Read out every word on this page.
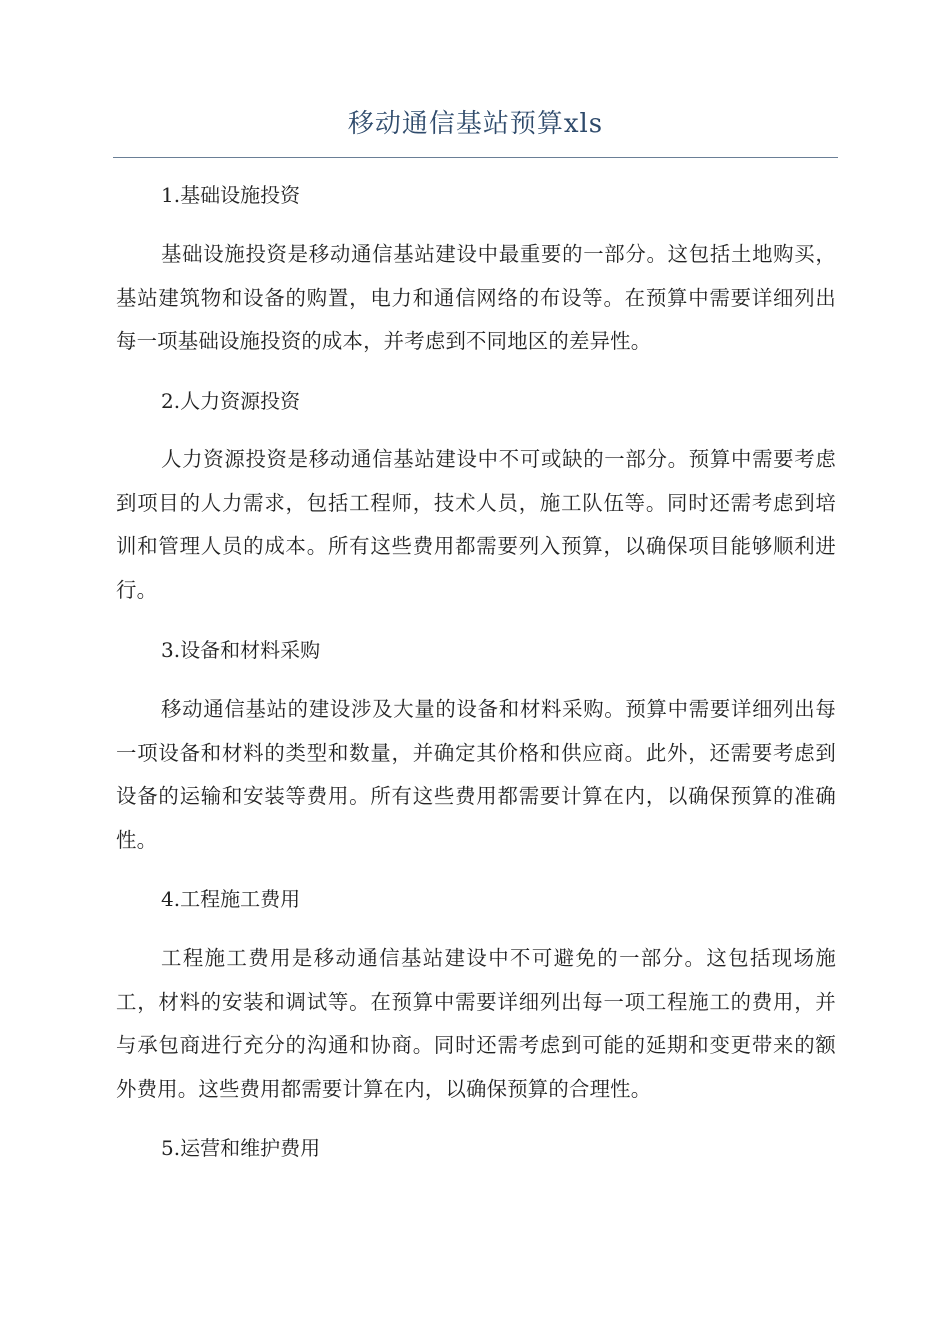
移动通信基站预算xls
1.基础设施投资
基础设施投资是移动通信基站建设中最重要的一部分。这包括土地购买，基站建筑物和设备的购置，电力和通信网络的布设等。在预算中需要详细列出每一项基础设施投资的成本，并考虑到不同地区的差异性。
2.人力资源投资
人力资源投资是移动通信基站建设中不可或缺的一部分。预算中需要考虑到项目的人力需求，包括工程师，技术人员，施工队伍等。同时还需考虑到培训和管理人员的成本。所有这些费用都需要列入预算，以确保项目能够顺利进行。
3.设备和材料采购
移动通信基站的建设涉及大量的设备和材料采购。预算中需要详细列出每一项设备和材料的类型和数量，并确定其价格和供应商。此外，还需要考虑到设备的运输和安装等费用。所有这些费用都需要计算在内，以确保预算的准确性。
4.工程施工费用
工程施工费用是移动通信基站建设中不可避免的一部分。这包括现场施工，材料的安装和调试等。在预算中需要详细列出每一项工程施工的费用，并与承包商进行充分的沟通和协商。同时还需考虑到可能的延期和变更带来的额外费用。这些费用都需要计算在内，以确保预算的合理性。
5.运营和维护费用
